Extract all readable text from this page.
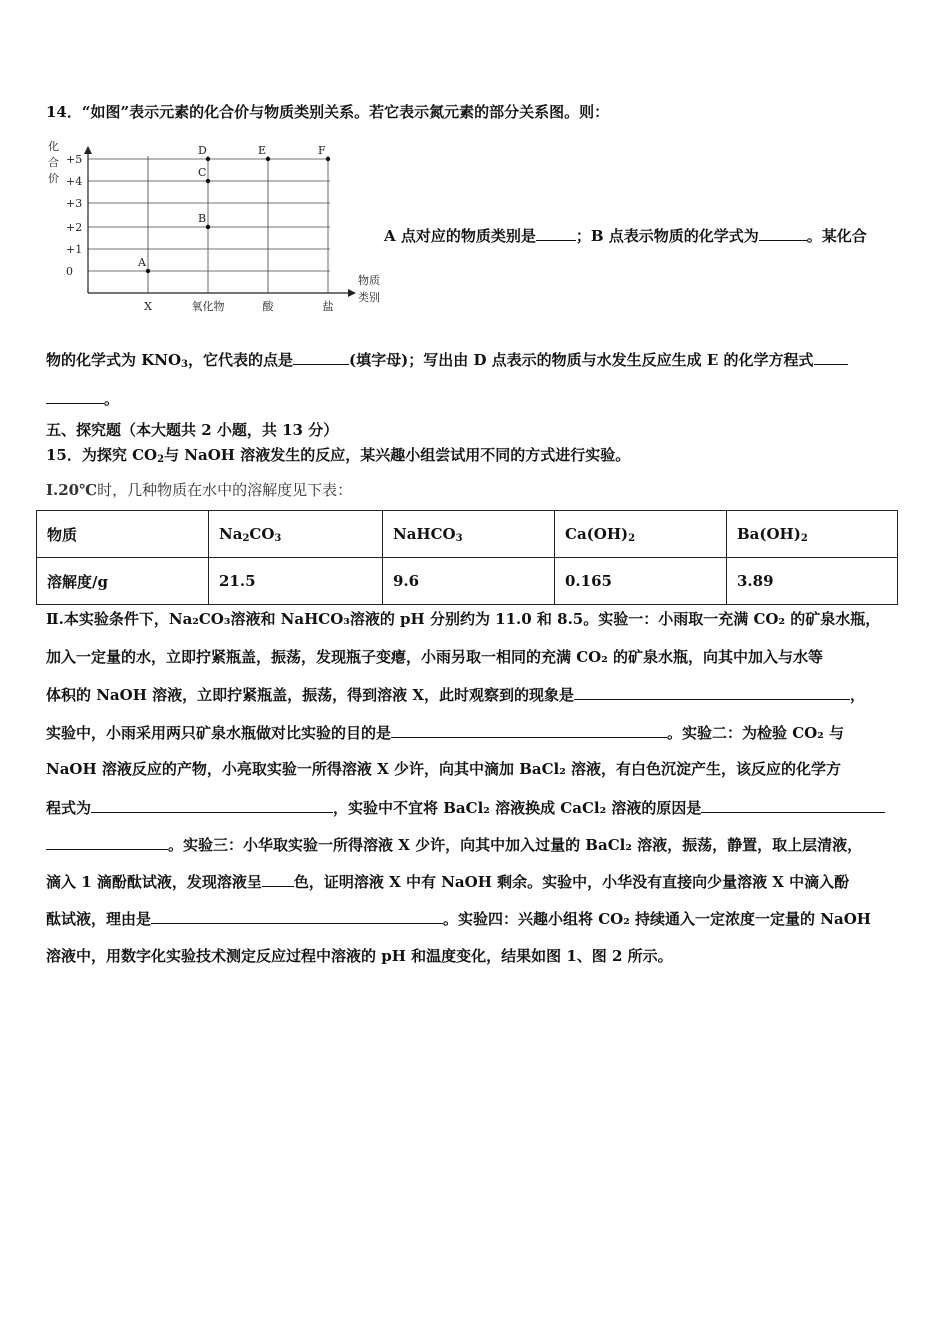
14．“如图”表示元素的化合价与物质类别关系。若它表示氮元素的部分关系图。则：
+5
+4
+3
+2
+1
0
X	氧化物	酸	盐
A
B
C
D	E	F
化
合
价
物质
类别
A 点对应的物质类别是	；B 点表示物质的化学式为	。某化合
物的化学式为 $KNO_3$，它代表的点是	(填字母)；写出由 D 点表示的物质与水发生反应生成 E 的化学方程式
。
五、探究题（本大题共 2 小题，共 13 分）
15．为探究 $CO_2$与 NaOH 溶液发生的反应，某兴趣小组尝试用不同的方式进行实验。
Ⅰ.20℃时，几种物质在水中的溶解度见下表：
物质	$Na_2CO_3$	NaHCO$_3$	$Ca(OH)_2$	$Ba(OH)_2$
溶解度/g	21.5	9.6	0.165	3.89
Ⅱ.本实验条件下，Na₂CO₃溶液和 NaHCO₃溶液的 pH 分别约为 11.0 和 8.5。实验一：小雨取一充满 CO₂ 的矿泉水瓶，
加入一定量的水，立即拧紧瓶盖，振荡，发现瓶子变瘪，小雨另取一相同的充满 CO₂ 的矿泉水瓶，向其中加入与水等
体积的 NaOH 溶液，立即拧紧瓶盖，振荡，得到溶液 X，此时观察到的现象是	，
实验中，小雨采用两只矿泉水瓶做对比实验的目的是	。实验二：为检验 CO₂ 与
NaOH 溶液反应的产物，小亮取实验一所得溶液 X 少许，向其中滴加 BaCl₂ 溶液，有白色沉淀产生，该反应的化学方
程式为	，实验中不宜将 BaCl₂ 溶液换成 CaCl₂ 溶液的原因是
。实验三：小华取实验一所得溶液 X 少许，向其中加入过量的 BaCl₂ 溶液，振荡，静置，取上层清液，
滴入 1 滴酚酞试液，发现溶液呈 色，证明溶液 X 中有 NaOH 剩余。实验中，小华没有直接向少量溶液 X 中滴入酚
酞试液，理由是	。实验四：兴趣小组将 CO₂ 持续通入一定浓度一定量的 NaOH
溶液中，用数字化实验技术测定反应过程中溶液的 pH 和温度变化，结果如图 1、图 2 所示。
